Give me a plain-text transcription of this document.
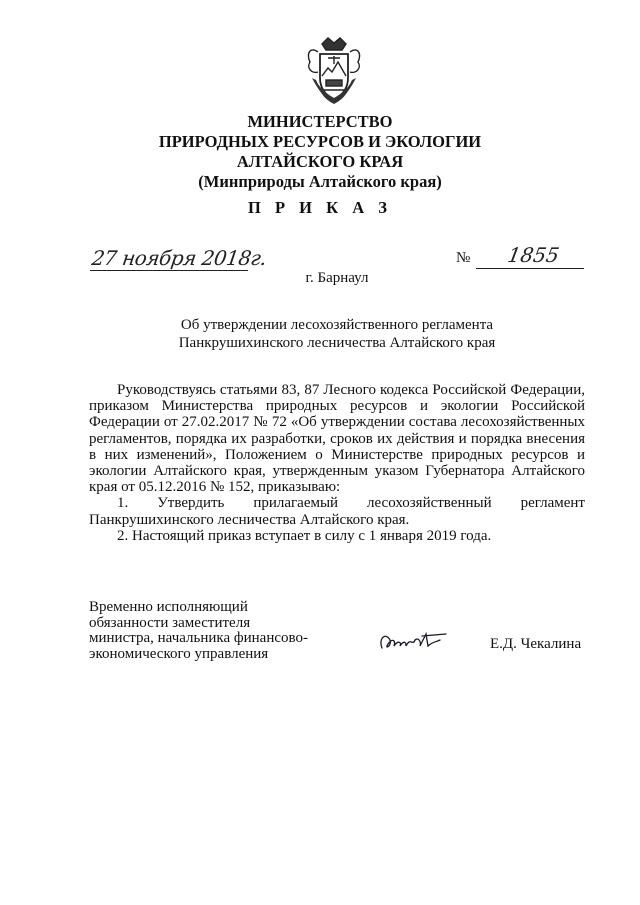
МИНИСТЕРСТВО
ПРИРОДНЫХ РЕСУРСОВ И ЭКОЛОГИИ
АЛТАЙСКОГО КРАЯ
(Минприроды Алтайского края)
П Р И К А З
27 ноября 2018г.	№ 1855
г. Барнаул
Об утверждении лесохозяйственного регламента
Панкрушихинского лесничества Алтайского края

Руководствуясь статьями 83, 87 Лесного кодекса Российской Федерации, приказом Министерства природных ресурсов и экологии Российской Федерации от 27.02.2017 № 72 «Об утверждении состава лесохозяйственных регламентов, порядка их разработки, сроков их действия и порядка внесения в них изменений», Положением о Министерстве природных ресурсов и экологии Алтайского края, утвержденным указом Губернатора Алтайского края от 05.12.2016 № 152, приказываю:

1. Утвердить прилагаемый лесохозяйственный регламент

Панкрушихинского лесничества Алтайского края.

2. Настоящий приказ вступает в силу с 1 января 2019 года.

Временно исполняющий
обязанности заместителя
министра, начальника финансово-
экономического управления
Е.Д. Чекалина
